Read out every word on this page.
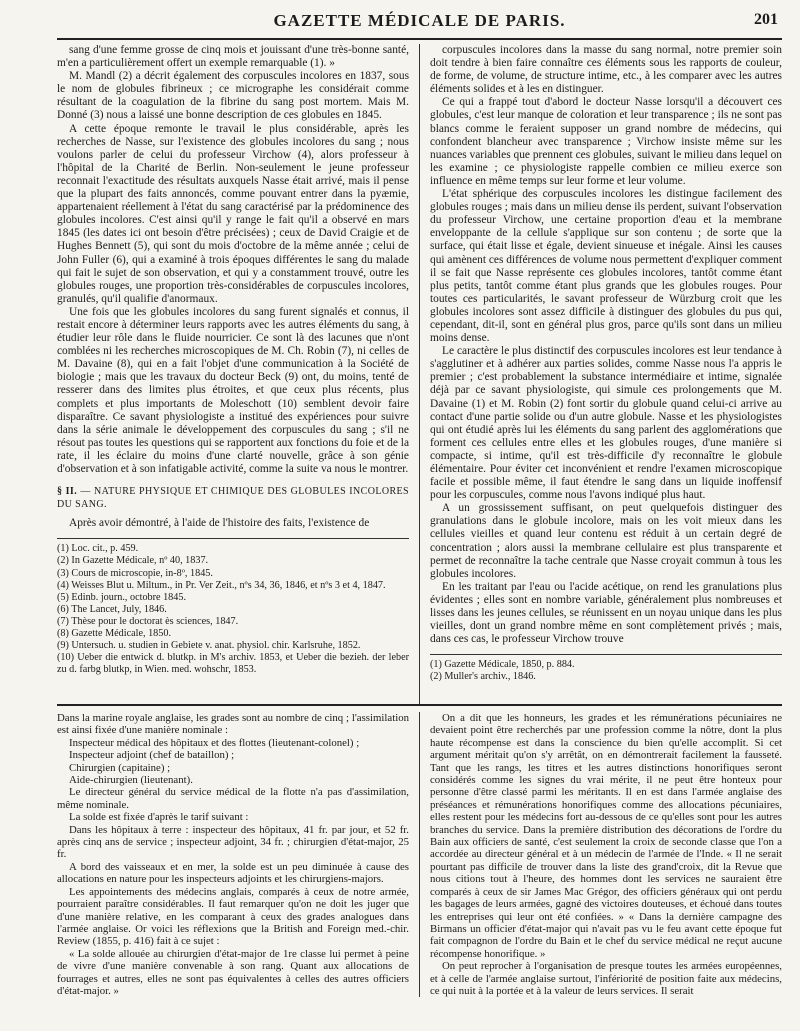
GAZETTE MÉDICALE DE PARIS.	201

sang d'une femme grosse de cinq mois et jouissant d'une très-bonne santé, m'en a particulièrement offert un exemple remarquable (1). »

M. Mandl (2) a décrit également des corpuscules incolores en 1837, sous le nom de globules fibrineux ; ce micrographe les considérait comme résultant de la coagulation de la fibrine du sang post mortem. Mais M. Donné (3) nous a laissé une bonne description de ces globules en 1845.

A cette époque remonte le travail le plus considérable, après les recherches de Nasse, sur l'existence des globules incolores du sang ; nous voulons parler de celui du professeur Virchow (4), alors professeur à l'hôpital de la Charité de Berlin. Non-seulement le jeune professeur reconnait l'exactitude des résultats auxquels Nasse était arrivé, mais il pense que la plupart des faits annoncés, comme pouvant entrer dans la pyæmie, appartenaient réellement à l'état du sang caractérisé par la prédominence des globules incolores. C'est ainsi qu'il y range le fait qu'il a observé en mars 1845 (les dates ici ont besoin d'être précisées) ; ceux de David Craigie et de Hughes Bennett (5), qui sont du mois d'octobre de la même année ; celui de John Fuller (6), qui a examiné à trois époques différentes le sang du malade qui fait le sujet de son observation, et qui y a constamment trouvé, outre les globules rouges, une proportion très-considérables de corpuscules incolores, granulés, qu'il qualifie d'anormaux.

Une fois que les globules incolores du sang furent signalés et connus, il restait encore à déterminer leurs rapports avec les autres éléments du sang, à étudier leur rôle dans le fluide nourricier. Ce sont là des lacunes que n'ont comblées ni les recherches microscopiques de M. Ch. Robin (7), ni celles de M. Davaine (8), qui en a fait l'objet d'une communication à la Société de biologie ; mais que les travaux du docteur Beck (9) ont, du moins, tenté de resserer dans des limites plus étroites, et que ceux plus récents, plus complets et plus importants de Moleschott (10) semblent devoir faire disparaître. Ce savant physiologiste a institué des expériences pour suivre dans la série animale le développement des corpuscules du sang ; s'il ne résout pas toutes les questions qui se rapportent aux fonctions du foie et de la rate, il les éclaire du moins d'une clarté nouvelle, grâce à son génie d'observation et à son infatigable activité, comme la suite va nous le montrer.

§ II. — NATURE PHYSIQUE ET CHIMIQUE DES GLOBULES INCOLORES DU SANG.

Après avoir démontré, à l'aide de l'histoire des faits, l'existence de

(1) Loc. cit., p. 459.

(2) In Gazette Médicale, nº 40, 1837.

(3) Cours de microscopie, in-8º, 1845.

(4) Weisses Blut u. Miltum., in Pr. Ver Zeit., nºs 34, 36, 1846, et nºs 3 et 4, 1847.

(5) Edinb. journ., octobre 1845.

(6) The Lancet, July, 1846.

(7) Thèse pour le doctorat ès sciences, 1847.

(8) Gazette Médicale, 1850.

(9) Untersuch. u. studien in Gebiete v. anat. physiol. chir. Karlsruhe, 1852.

(10) Ueber die entwick d. blutkp. in M's archiv. 1853, et Ueber die bezieh. der leber zu d. farbg blutkp, in Wien. med. wohschr, 1853.

corpuscules incolores dans la masse du sang normal, notre premier soin doit tendre à bien faire connaître ces éléments sous les rapports de couleur, de forme, de volume, de structure intime, etc., à les comparer avec les autres éléments solides et à les en distinguer.

Ce qui a frappé tout d'abord le docteur Nasse lorsqu'il a découvert ces globules, c'est leur manque de coloration et leur transparence ; ils ne sont pas blancs comme le feraient supposer un grand nombre de médecins, qui confondent blancheur avec transparence ; Virchow insiste même sur les nuances variables que prennent ces globules, suivant le milieu dans lequel on les examine ; ce physiologiste rappelle combien ce milieu exerce son influence en même temps sur leur forme et leur volume.

L'état sphérique des corpuscules incolores les distingue facilement des globules rouges ; mais dans un milieu dense ils perdent, suivant l'observation du professeur Virchow, une certaine proportion d'eau et la membrane enveloppante de la cellule s'applique sur son contenu ; de sorte que la surface, qui était lisse et égale, devient sinueuse et inégale. Ainsi les causes qui amènent ces différences de volume nous permettent d'expliquer comment il se fait que Nasse représente ces globules incolores, tantôt comme étant plus petits, tantôt comme étant plus grands que les globules rouges. Pour toutes ces particularités, le savant professeur de Würzburg croit que les globules incolores sont assez difficile à distinguer des globules du pus qui, cependant, dit-il, sont en général plus gros, parce qu'ils sont dans un milieu moins dense.

Le caractère le plus distinctif des corpuscules incolores est leur tendance à s'agglutiner et à adhérer aux parties solides, comme Nasse nous l'a appris le premier ; c'est probablement la substance intermédiaire et intime, signalée déjà par ce savant physiologiste, qui simule ces prolongements que M. Davaine (1) et M. Robin (2) font sortir du globule quand celui-ci arrive au contact d'une partie solide ou d'un autre globule. Nasse et les physiologistes qui ont étudié après lui les éléments du sang parlent des agglomérations que forment ces cellules entre elles et les globules rouges, d'une manière si compacte, si intime, qu'il est très-difficile d'y reconnaître le globule élémentaire. Pour éviter cet inconvénient et rendre l'examen microscopique facile et possible même, il faut étendre le sang dans un liquide inoffensif pour les corpuscules, comme nous l'avons indiqué plus haut.

A un grossissement suffisant, on peut quelquefois distinguer des granulations dans le globule incolore, mais on les voit mieux dans les cellules vieilles et quand leur contenu est réduit à un certain degré de concentration ; alors aussi la membrane cellulaire est plus transparente et permet de reconnaître la tache centrale que Nasse croyait commun à tous les globules incolores.

En les traitant par l'eau ou l'acide acétique, on rend les granulations plus évidentes ; elles sont en nombre variable, généralement plus nombreuses et lisses dans les jeunes cellules, se réunissent en un noyau unique dans les plus vieilles, dont un grand nombre même en sont complètement privés ; mais, dans ces cas, le professeur Virchow trouve

(1) Gazette Médicale, 1850, p. 884.

(2) Muller's archiv., 1846.

Dans la marine royale anglaise, les grades sont au nombre de cinq ; l'assimilation est ainsi fixée d'une manière nominale :

Inspecteur médical des hôpitaux et des flottes (lieutenant-colonel) ;

Inspecteur adjoint (chef de bataillon) ;

Chirurgien (capitaine) ;

Aide-chirurgien (lieutenant).

Le directeur général du service médical de la flotte n'a pas d'assimilation, même nominale.

La solde est fixée d'après le tarif suivant :

Dans les hôpitaux à terre : inspecteur des hôpitaux, 41 fr. par jour, et 52 fr. après cinq ans de service ; inspecteur adjoint, 34 fr. ; chirurgien d'état-major, 25 fr.

A bord des vaisseaux et en mer, la solde est un peu diminuée à cause des allocations en nature pour les inspecteurs adjoints et les chirurgiens-majors.

Les appointements des médecins anglais, comparés à ceux de notre armée, pourraient paraître considérables. Il faut remarquer qu'on ne doit les juger que d'une manière relative, en les comparant à ceux des grades analogues dans l'armée anglaise. Or voici les réflexions que la British and Foreign med.-chir. Review (1855, p. 416) fait à ce sujet :

« La solde allouée au chirurgien d'état-major de 1re classe lui permet à peine de vivre d'une manière convenable à son rang. Quant aux allocations de fourrages et autres, elles ne sont pas équivalentes à celles des autres officiers d'état-major. »

On a dit que les honneurs, les grades et les rémunérations pécuniaires ne devaient point être recherchés par une profession comme la nôtre, dont la plus haute récompense est dans la conscience du bien qu'elle accomplit. Si cet argument méritait qu'on s'y arrêtât, on en démontrerait facilement la fausseté. Tant que les rangs, les titres et les autres distinctions honorifiques seront considérés comme les signes du vrai mérite, il ne peut être honteux pour personne d'être classé parmi les méritants. Il en est dans l'armée anglaise des préséances et rémunérations honorifiques comme des allocations pécuniaires, elles restent pour les médecins fort au-dessous de ce qu'elles sont pour les autres branches du service. Dans la première distribution des décorations de l'ordre du Bain aux officiers de santé, c'est seulement la croix de seconde classe que l'on a accordée au directeur général et à un médecin de l'armée de l'Inde. « Il ne serait pourtant pas difficile de trouver dans la liste des grand'croix, dit la Revue que nous citions tout à l'heure, des hommes dont les services ne sauraient être comparés à ceux de sir James Mac Grégor, des officiers généraux qui ont perdu les bagages de leurs armées, gagné des victoires douteuses, et échoué dans toutes les entreprises qui leur ont été confiées. » « Dans la dernière campagne des Birmans un officier d'état-major qui n'avait pas vu le feu avant cette époque fut fait compagnon de l'ordre du Bain et le chef du service médical ne reçut aucune récompense honorifique. »

On peut reprocher à l'organisation de presque toutes les armées européennes, et à celle de l'armée anglaise surtout, l'infériorité de position faite aux médecins, ce qui nuit à la portée et à la valeur de leurs services. Il serait
